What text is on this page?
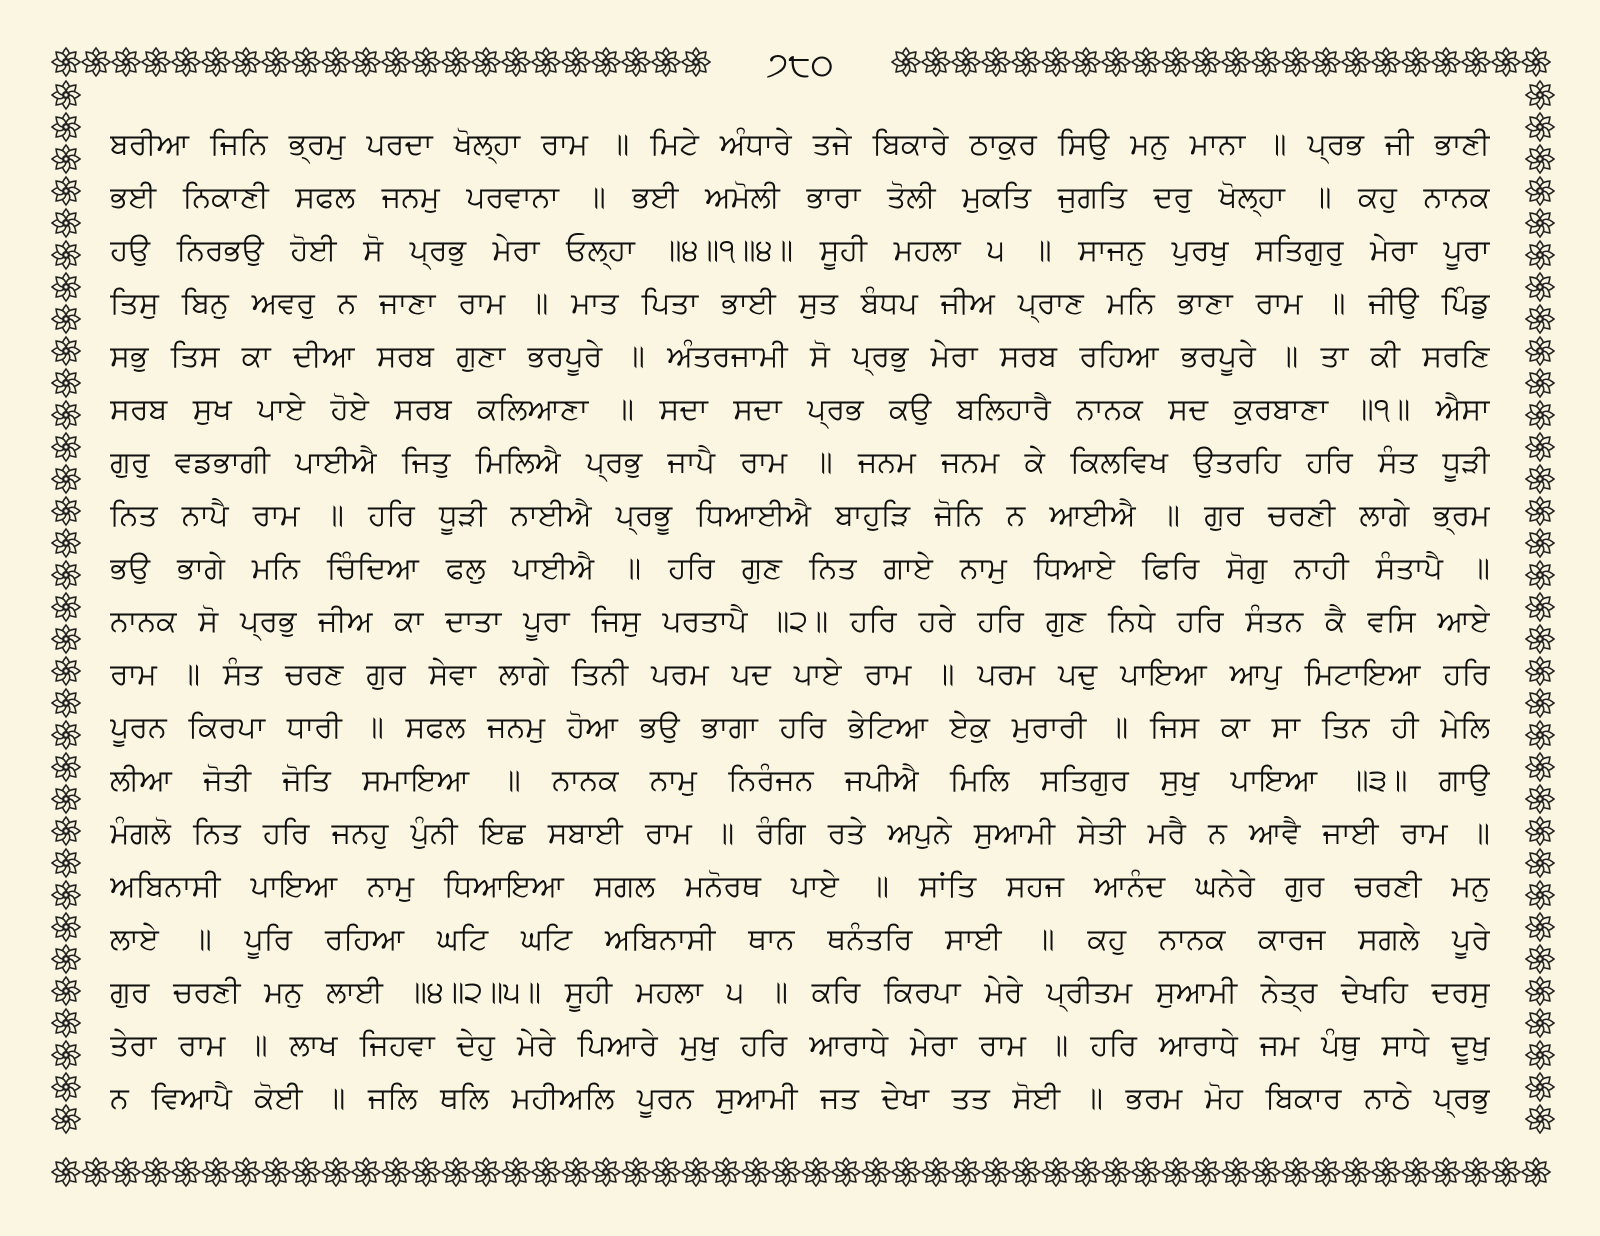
੭੮੦
ਬਰੀਆ ਜਿਨਿ ਭ੍ਰਮੁ ਪਰਦਾ ਖੋਲ੍ਹਾ ਰਾਮ ॥ ਮਿਟੇ ਅੰਧਾਰੇ ਤਜੇ ਬਿਕਾਰੇ ਠਾਕੁਰ ਸਿਉ ਮਨੁ ਮਾਨਾ ॥ ਪ੍ਰਭ ਜੀ ਭਾਣੀ
ਭਈ ਨਿਕਾਣੀ ਸਫਲ ਜਨਮੁ ਪਰਵਾਨਾ ॥ ਭਈ ਅਮੋਲੀ ਭਾਰਾ ਤੋਲੀ ਮੁਕਤਿ ਜੁਗਤਿ ਦਰੁ ਖੋਲ੍ਹਾ ॥ ਕਹੁ ਨਾਨਕ
ਹਉ ਨਿਰਭਉ ਹੋਈ ਸੋ ਪ੍ਰਭੁ ਮੇਰਾ ਓਲ੍ਹਾ ॥੪॥੧॥੪॥ ਸੂਹੀ ਮਹਲਾ ੫ ॥ ਸਾਜਨੁ ਪੁਰਖੁ ਸਤਿਗੁਰੁ ਮੇਰਾ ਪੂਰਾ
ਤਿਸੁ ਬਿਨੁ ਅਵਰੁ ਨ ਜਾਣਾ ਰਾਮ ॥ ਮਾਤ ਪਿਤਾ ਭਾਈ ਸੁਤ ਬੰਧਪ ਜੀਅ ਪ੍ਰਾਣ ਮਨਿ ਭਾਣਾ ਰਾਮ ॥ ਜੀਉ ਪਿੰਡੁ
ਸਭੁ ਤਿਸ ਕਾ ਦੀਆ ਸਰਬ ਗੁਣਾ ਭਰਪੂਰੇ ॥ ਅੰਤਰਜਾਮੀ ਸੋ ਪ੍ਰਭੁ ਮੇਰਾ ਸਰਬ ਰਹਿਆ ਭਰਪੂਰੇ ॥ ਤਾ ਕੀ ਸਰਣਿ
ਸਰਬ ਸੁਖ ਪਾਏ ਹੋਏ ਸਰਬ ਕਲਿਆਣਾ ॥ ਸਦਾ ਸਦਾ ਪ੍ਰਭ ਕਉ ਬਲਿਹਾਰੈ ਨਾਨਕ ਸਦ ਕੁਰਬਾਣਾ ॥੧॥ ਐਸਾ
ਗੁਰੁ ਵਡਭਾਗੀ ਪਾਈਐ ਜਿਤੁ ਮਿਲਿਐ ਪ੍ਰਭੁ ਜਾਪੈ ਰਾਮ ॥ ਜਨਮ ਜਨਮ ਕੇ ਕਿਲਵਿਖ ਉਤਰਹਿ ਹਰਿ ਸੰਤ ਧੂੜੀ
ਨਿਤ ਨਾਪੈ ਰਾਮ ॥ ਹਰਿ ਧੂੜੀ ਨਾਈਐ ਪ੍ਰਭੂ ਧਿਆਈਐ ਬਾਹੁੜਿ ਜੋਨਿ ਨ ਆਈਐ ॥ ਗੁਰ ਚਰਣੀ ਲਾਗੇ ਭ੍ਰਮ
ਭਉ ਭਾਗੇ ਮਨਿ ਚਿੰਦਿਆ ਫਲੁ ਪਾਈਐ ॥ ਹਰਿ ਗੁਣ ਨਿਤ ਗਾਏ ਨਾਮੁ ਧਿਆਏ ਫਿਰਿ ਸੋਗੁ ਨਾਹੀ ਸੰਤਾਪੈ ॥
ਨਾਨਕ ਸੋ ਪ੍ਰਭੁ ਜੀਅ ਕਾ ਦਾਤਾ ਪੂਰਾ ਜਿਸੁ ਪਰਤਾਪੈ ॥੨॥ ਹਰਿ ਹਰੇ ਹਰਿ ਗੁਣ ਨਿਧੇ ਹਰਿ ਸੰਤਨ ਕੈ ਵਸਿ ਆਏ
ਰਾਮ ॥ ਸੰਤ ਚਰਣ ਗੁਰ ਸੇਵਾ ਲਾਗੇ ਤਿਨੀ ਪਰਮ ਪਦ ਪਾਏ ਰਾਮ ॥ ਪਰਮ ਪਦੁ ਪਾਇਆ ਆਪੁ ਮਿਟਾਇਆ ਹਰਿ
ਪੂਰਨ ਕਿਰਪਾ ਧਾਰੀ ॥ ਸਫਲ ਜਨਮੁ ਹੋਆ ਭਉ ਭਾਗਾ ਹਰਿ ਭੇਟਿਆ ਏਕੁ ਮੁਰਾਰੀ ॥ ਜਿਸ ਕਾ ਸਾ ਤਿਨ ਹੀ ਮੇਲਿ
ਲੀਆ ਜੋਤੀ ਜੋਤਿ ਸਮਾਇਆ ॥ ਨਾਨਕ ਨਾਮੁ ਨਿਰੰਜਨ ਜਪੀਐ ਮਿਲਿ ਸਤਿਗੁਰ ਸੁਖੁ ਪਾਇਆ ॥੩॥ ਗਾਉ
ਮੰਗਲੋ ਨਿਤ ਹਰਿ ਜਨਹੁ ਪੁੰਨੀ ਇਛ ਸਬਾਈ ਰਾਮ ॥ ਰੰਗਿ ਰਤੇ ਅਪੁਨੇ ਸੁਆਮੀ ਸੇਤੀ ਮਰੈ ਨ ਆਵੈ ਜਾਈ ਰਾਮ ॥
ਅਬਿਨਾਸੀ ਪਾਇਆ ਨਾਮੁ ਧਿਆਇਆ ਸਗਲ ਮਨੋਰਥ ਪਾਏ ॥ ਸਾਂਤਿ ਸਹਜ ਆਨੰਦ ਘਨੇਰੇ ਗੁਰ ਚਰਣੀ ਮਨੁ
ਲਾਏ ॥ ਪੂਰਿ ਰਹਿਆ ਘਟਿ ਘਟਿ ਅਬਿਨਾਸੀ ਥਾਨ ਥਨੰਤਰਿ ਸਾਈ ॥ ਕਹੁ ਨਾਨਕ ਕਾਰਜ ਸਗਲੇ ਪੂਰੇ
ਗੁਰ ਚਰਣੀ ਮਨੁ ਲਾਈ ॥੪॥੨॥੫॥ ਸੂਹੀ ਮਹਲਾ ੫ ॥ ਕਰਿ ਕਿਰਪਾ ਮੇਰੇ ਪ੍ਰੀਤਮ ਸੁਆਮੀ ਨੇਤ੍ਰ ਦੇਖਹਿ ਦਰਸੁ
ਤੇਰਾ ਰਾਮ ॥ ਲਾਖ ਜਿਹਵਾ ਦੇਹੁ ਮੇਰੇ ਪਿਆਰੇ ਮੁਖੁ ਹਰਿ ਆਰਾਧੇ ਮੇਰਾ ਰਾਮ ॥ ਹਰਿ ਆਰਾਧੇ ਜਮ ਪੰਥੁ ਸਾਧੇ ਦੂਖੁ
ਨ ਵਿਆਪੈ ਕੋਈ ॥ ਜਲਿ ਥਲਿ ਮਹੀਅਲਿ ਪੂਰਨ ਸੁਆਮੀ ਜਤ ਦੇਖਾ ਤਤ ਸੋਈ ॥ ਭਰਮ ਮੋਹ ਬਿਕਾਰ ਨਾਠੇ ਪ੍ਰਭੁ
